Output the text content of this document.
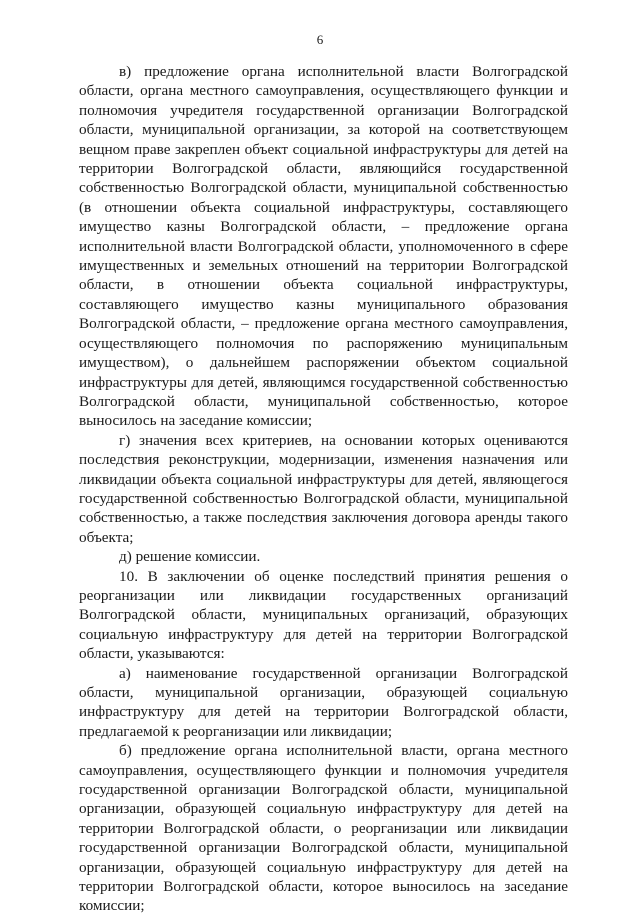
6

в) предложение органа исполнительной власти Волгоградской области, органа местного самоуправления, осуществляющего функции и полномочия учредителя государственной организации Волгоградской области, муниципальной организации, за которой на соответствующем вещном праве закреплен объект социальной инфраструктуры для детей на территории Волгоградской области, являющийся государственной собственностью Волгоградской области, муниципальной собственностью (в отношении объекта социальной инфраструктуры, составляющего имущество казны Волгоградской области, – предложение органа исполнительной власти Волгоградской области, уполномоченного в сфере имущественных и земельных отношений на территории Волгоградской области, в отношении объекта социальной инфраструктуры, составляющего имущество казны муниципального образования Волгоградской области, – предложение органа местного самоуправления, осуществляющего полномочия по распоряжению муниципальным имуществом), о дальнейшем распоряжении объектом социальной инфраструктуры для детей, являющимся государственной собственностью Волгоградской области, муниципальной собственностью, которое выносилось на заседание комиссии;

г) значения всех критериев, на основании которых оцениваются последствия реконструкции, модернизации, изменения назначения или ликвидации объекта социальной инфраструктуры для детей, являющегося государственной собственностью Волгоградской области, муниципальной собственностью, а также последствия заключения договора аренды такого объекта;

д) решение комиссии.

10. В заключении об оценке последствий принятия решения о реорганизации или ликвидации государственных организаций Волгоградской области, муниципальных организаций, образующих социальную инфраструктуру для детей на территории Волгоградской области, указываются:

а) наименование государственной организации Волгоградской области, муниципальной организации, образующей социальную инфраструктуру для детей на территории Волгоградской области, предлагаемой к реорганизации или ликвидации;

б) предложение органа исполнительной власти, органа местного самоуправления, осуществляющего функции и полномочия учредителя государственной организации Волгоградской области, муниципальной организации, образующей социальную инфраструктуру для детей на территории Волгоградской области, о реорганизации или ликвидации государственной организации Волгоградской области, муниципальной организации, образующей социальную инфраструктуру для детей на территории Волгоградской области, которое выносилось на заседание комиссии;
